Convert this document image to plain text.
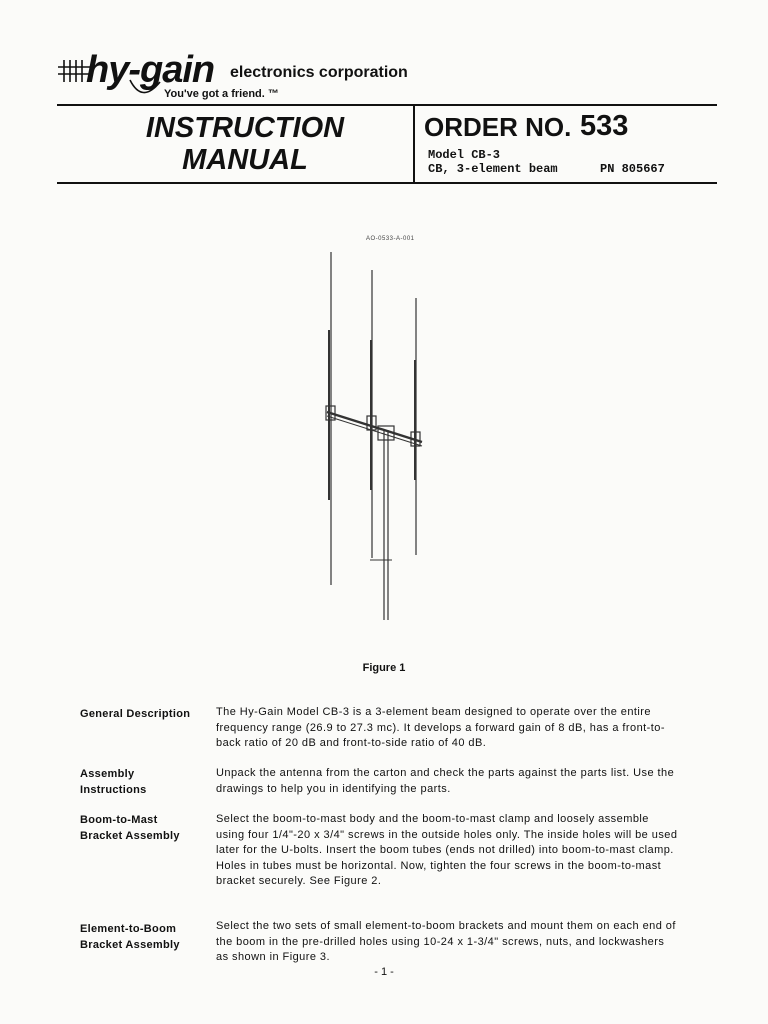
hy-gain electronics corporation
You've got a friend. ™
INSTRUCTION
MANUAL
ORDER NO. 533
Model CB-3
CB, 3-element beam	PN 805667
AO-0533-A-001
Figure 1
General Description	The Hy-Gain Model CB-3 is a 3-element beam designed to operate over the entire frequency range (26.9 to 27.3 mc). It develops a forward gain of 8 dB, has a front-to-back ratio of 20 dB and front-to-side ratio of 40 dB.
Assembly Instructions
Unpack the antenna from the carton and check the parts against the parts list. Use the drawings to help you in identifying the parts.
Boom-to-Mast Bracket Assembly
Select the boom-to-mast body and the boom-to-mast clamp and loosely assemble using four 1/4"-20 x 3/4" screws in the outside holes only. The inside holes will be used later for the U-bolts. Insert the boom tubes (ends not drilled) into boom-to-mast clamp. Holes in tubes must be horizontal. Now, tighten the four screws in the boom-to-mast bracket securely. See Figure 2.
Element-to-Boom Bracket Assembly
Select the two sets of small element-to-boom brackets and mount them on each end of the boom in the pre-drilled holes using 10-24 x 1-3/4" screws, nuts, and lockwashers as shown in Figure 3.
- 1 -
